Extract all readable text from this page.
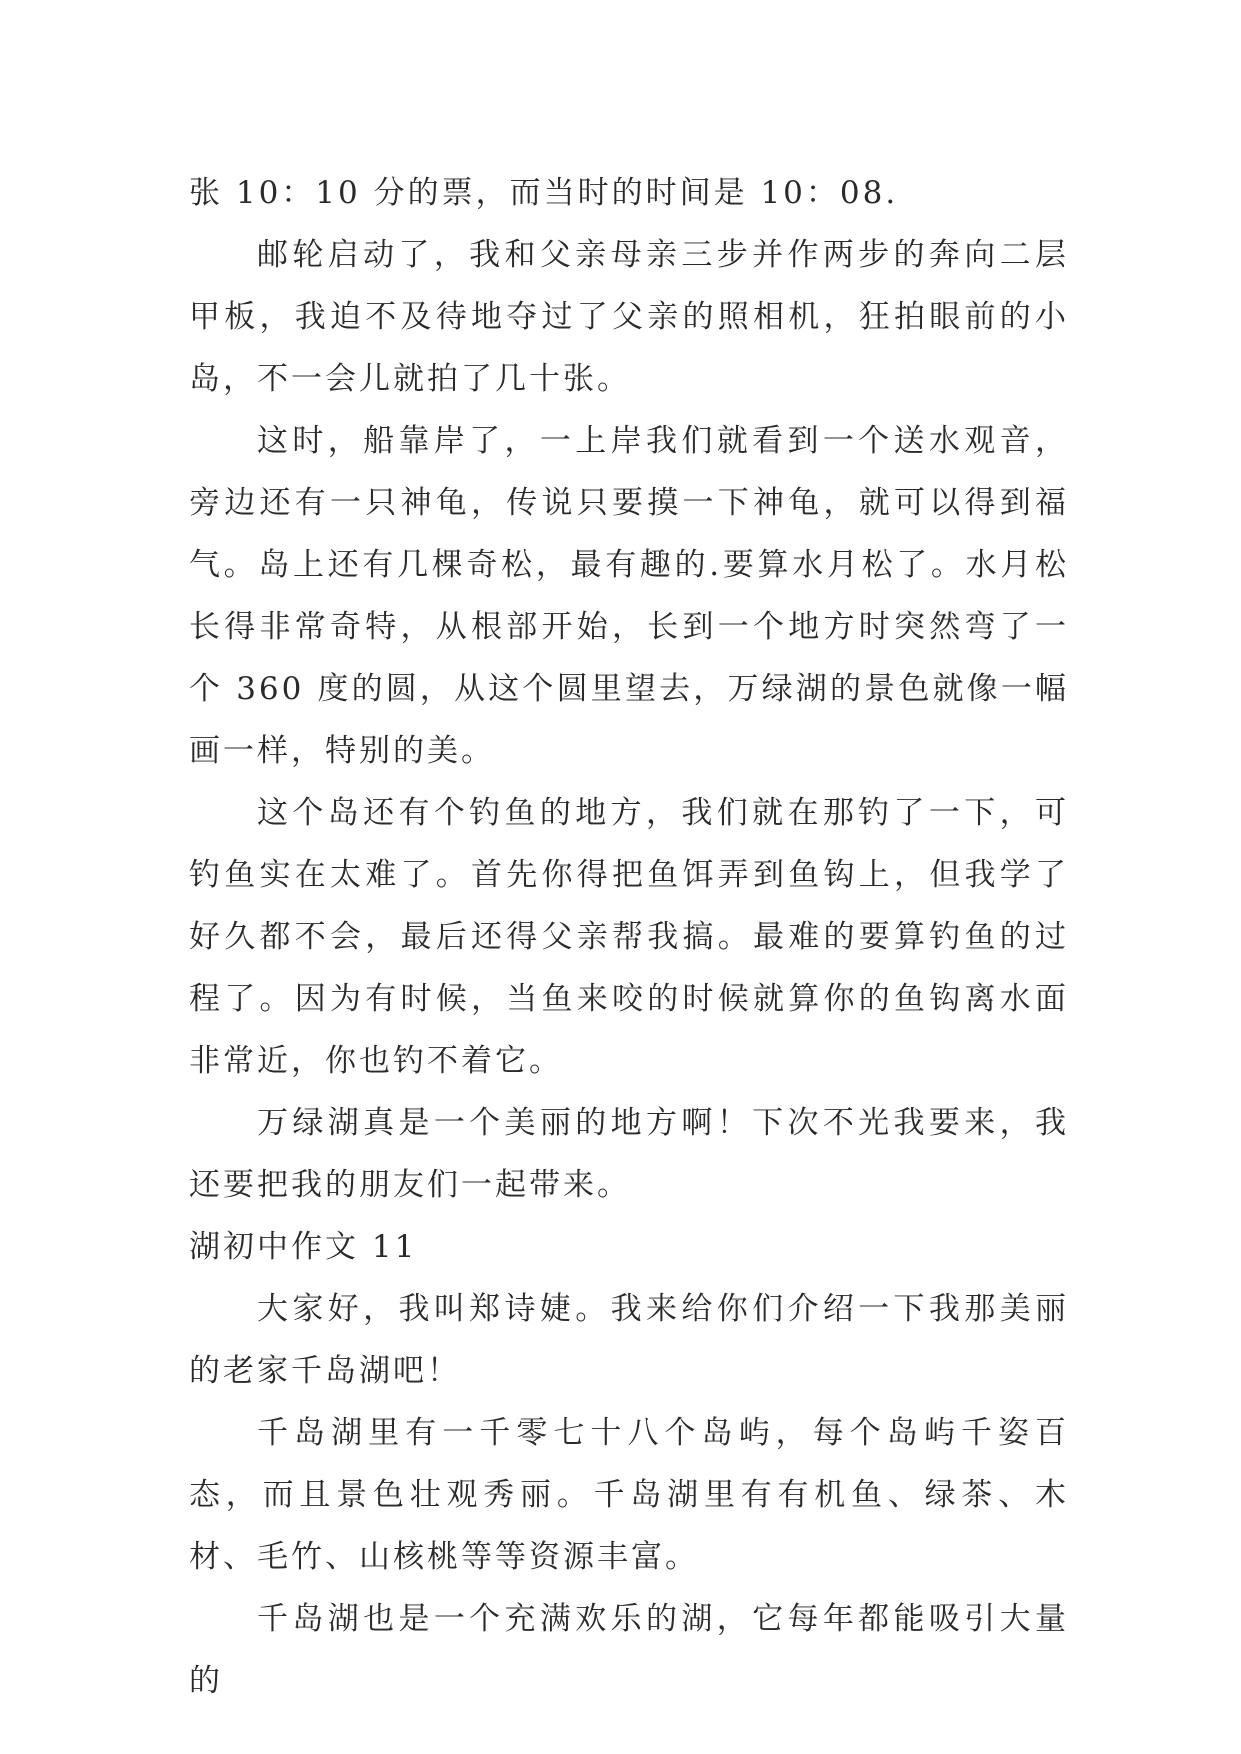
张 10：10 分的票，而当时的时间是 10：08.

邮轮启动了，我和父亲母亲三步并作两步的奔向二层甲板，我迫不及待地夺过了父亲的照相机，狂拍眼前的小岛，不一会儿就拍了几十张。

这时，船靠岸了，一上岸我们就看到一个送水观音，旁边还有一只神龟，传说只要摸一下神龟，就可以得到福气。岛上还有几棵奇松，最有趣的.要算水月松了。水月松长得非常奇特，从根部开始，长到一个地方时突然弯了一个 360 度的圆，从这个圆里望去，万绿湖的景色就像一幅画一样，特别的美。

这个岛还有个钓鱼的地方，我们就在那钓了一下，可钓鱼实在太难了。首先你得把鱼饵弄到鱼钩上，但我学了好久都不会，最后还得父亲帮我搞。最难的要算钓鱼的过程了。因为有时候，当鱼来咬的时候就算你的鱼钩离水面非常近，你也钓不着它。

万绿湖真是一个美丽的地方啊！下次不光我要来，我还要把我的朋友们一起带来。

湖初中作文 11

大家好，我叫郑诗婕。我来给你们介绍一下我那美丽的老家千岛湖吧！

千岛湖里有一千零七十八个岛屿，每个岛屿千姿百态，而且景色壮观秀丽。千岛湖里有有机鱼、绿茶、木材、毛竹、山核桃等等资源丰富。

千岛湖也是一个充满欢乐的湖，它每年都能吸引大量的
